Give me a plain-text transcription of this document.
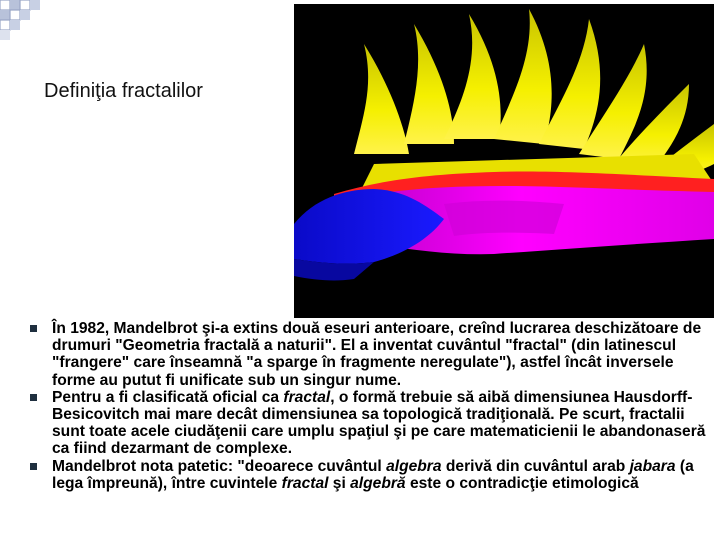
Definiţia fractalilor
În 1982, Mandelbrot şi-a extins două eseuri anterioare, creînd lucrarea deschizătoare de drumuri "Geometria fractală a naturii". El a inventat cuvântul "fractal" (din latinescul "frangere" care înseamnă "a sparge în fragmente neregulate"), astfel încât inversele forme au putut fi unificate sub un singur nume.
Pentru a fi clasificată oficial ca fractal, o formă trebuie să aibă dimensiunea Hausdorff-Besicovitch mai mare decât dimensiunea sa topologică tradiţională. Pe scurt, fractalii sunt toate acele ciudăţenii care umplu spaţiul şi pe care matematicienii le abandonaseră ca fiind dezarmant de complexe.
Mandelbrot nota patetic: "deoarece cuvântul algebra derivă din cuvântul arab jabara (a lega împreună), între cuvintele fractal şi algebră este o contradicţie etimologică
